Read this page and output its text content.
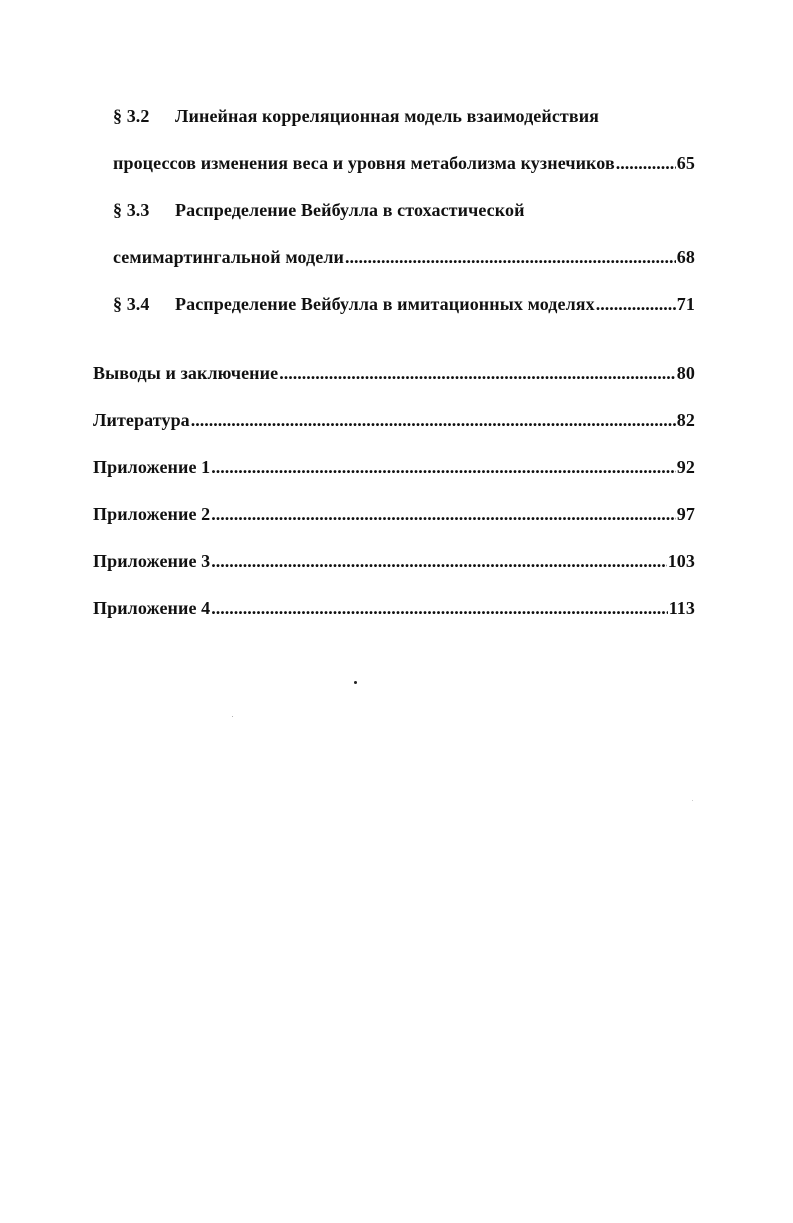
§ 3.2 Линейная корреляционная модель взаимодействия
процессов изменения веса и уровня метаболизма кузнечиков .....	65
§ 3.3 Распределение Вейбулла в стохастической
семимартингальной модели .....	68
§ 3.4 Распределение Вейбулла в имитационных моделях .....	71
Выводы и заключение .....	80
Литература .....	82
Приложение 1 .....	92
Приложение 2 .....	97
Приложение 3 .....	103
Приложение 4 .....	113
